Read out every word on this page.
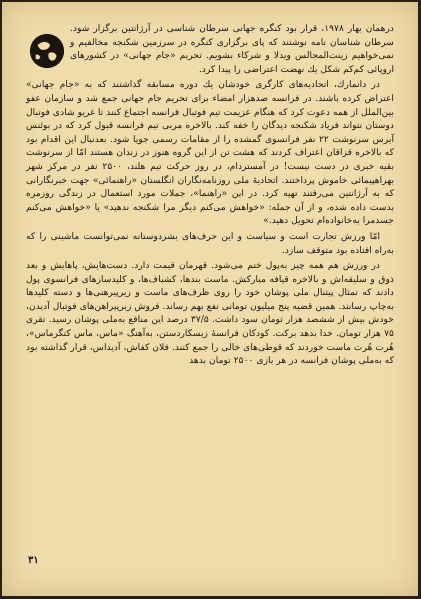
درهمان بهار ۱۹۷۸، قرار بود کنگره جهانی سرطان شناسی در آرژانتین برگزار شود. سرطان شناسان نامه نوشتند که پای برگزاری کنگره در سرزمین شکنجه مخالفیم و نمی‌خواهیم زینت‌المجالس ویدلا و شرکاء بشویم. تحریم «جام جهانی» در کشورهای اروپائی کم‌کم شکل یك نهضت اعتراضی را پیدا کرد.

در دانمارك، اتحادیه‌های کارگری خودشان یك دوره مسابقه گذاشتند که به «جام جهانی» اعتراض کرده باشند. در فرانسه صدهزار امضاء برای تحریم جام جهانی جمع شد و سازمان عفو بین‌الملل از همه دعوت کرد که هنگام عزیمت تیم فوتبال فرانسه اجتماع کنند تا غریو شادی فوتبال دوستان نتواند فریاد شکنجه دیدگان را خفه کند. بالاخره مربی تیم فرانسه قبول کرد که در بوئنس آیرس سرنوشت ۲۲ نفر فرانسوی گمشده را از مقامات رسمی جویا شود. بعدنبال این اقدام بود که بالاخره قزاقان اعتراف کردند که هشت تن از این گروه هنوز در زندان هستند امّا از سرنوشت بقیه خبری در دست نیست! در آمستردام، در روز حرکت تیم هلند، ۲۵۰۰ نفر در مرکز شهر بهراهپیمائی خاموش پرداختند. اتحادیهٔ ملی روزنامه‌نگاران انگلستان «راهنمائی» جهت خبرنگارانی که به آرژانتین می‌رفتند تهیه کرد. در این «راهنما»، جملات مورد استعمال در زندگی روزمره بدست داده شده، و از آن جمله: «خواهش می‌کنم دیگر مرا شکنجه ندهید» یا «خواهش می‌کنم جسدمرا به‌خانواده‌ام تحویل دهید.»

امّا ورزش تجارت است و سیاست و این حرف‌های بشردوستانه نمی‌توانست ماشینی را که به‌راه افتاده بود متوقف سازد.

در ورزش هم همه چیز به‌پول ختم می‌شود. قهرمان قیمت دارد. دست‌هایش، پاهایش و بعد ذوق و سلیقه‌اش و بالاخره قیافه مبارکش. ماست بندها، کشباف‌ها، و کلیدسازهای فرانسوی پول دادند که تمثال پیتنال ملی پوشان خود را روی ظرف‌های ماست و زیرپیرهنی‌ها و دسته کلیدها به‌چاپ رسانند. همین قضیه پنج میلیون تومانی نفع بهم رساند. فروش زیرپیراهن‌های فوتبال آدیدن، خودش بیش از ششصد هزار تومان سود داشت. ۳۷/۵ درصد این منافع به‌ملی پوشان رسید. تقری ۷۵ هزار تومان. خدا بدهد برکت. کودکان فرانسهٔ زیسکاردستن، به‌آهنگ «ماس، ماس کنگرماس»، هُرت هُرت ماست خوردند که قوطی‌های خالی را جمع کنند. فلان کفاش، آدیداس، قرار گذاشته بود که به‌ملی پوشان فرانسه در هر بازی ۲۵۰۰ تومان بدهد

۳۱
